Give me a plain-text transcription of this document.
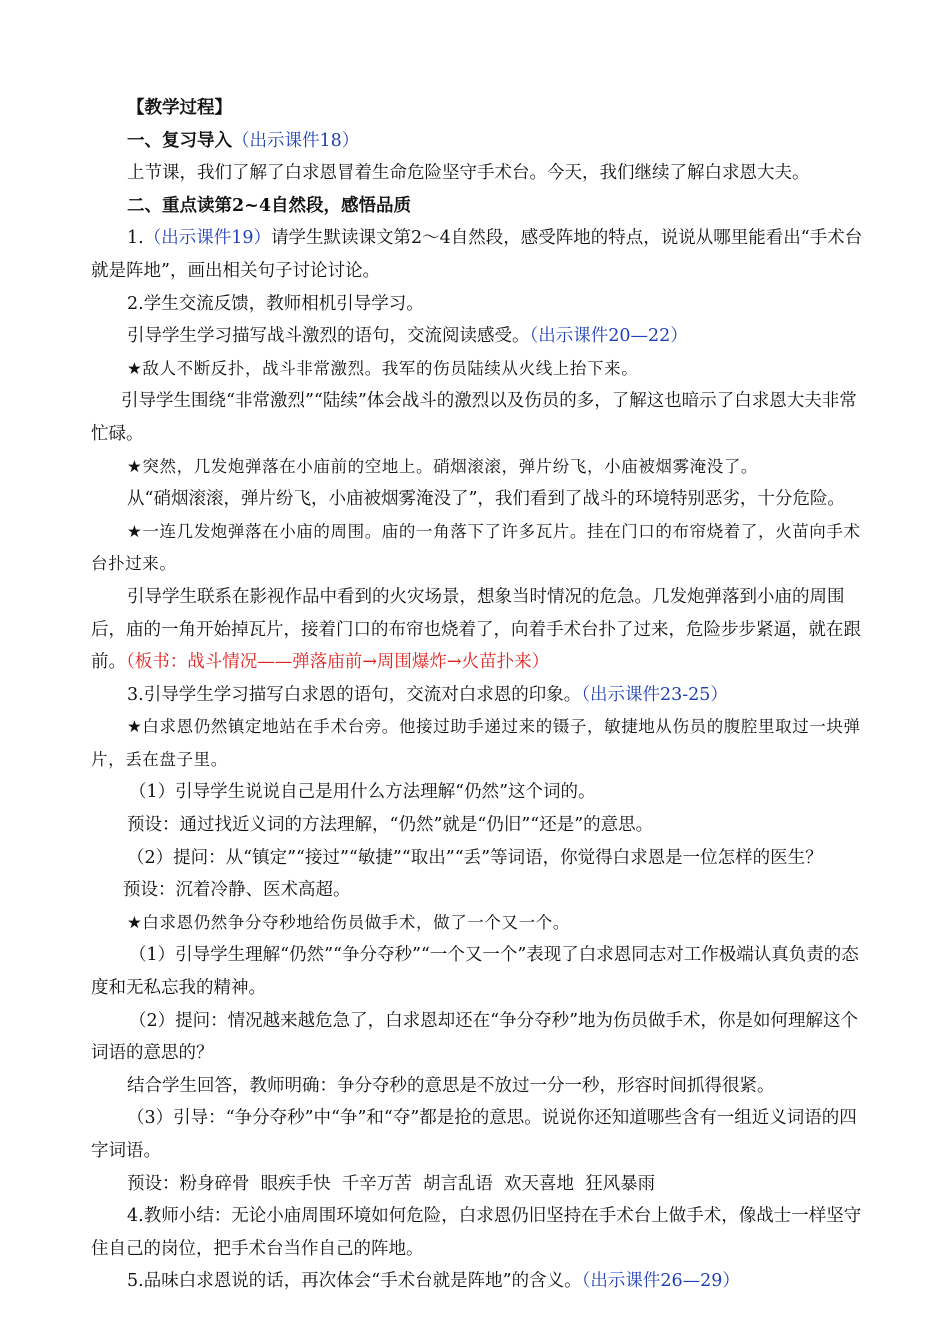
【教学过程】

一、复习导入（出示课件18）

上节课，我们了解了白求恩冒着生命危险坚守手术台。今天，我们继续了解白求恩大夫。

二、重点读第2~4自然段，感悟品质

1.（出示课件19）请学生默读课文第2～4自然段，感受阵地的特点，说说从哪里能看出“手术台就是阵地”，画出相关句子讨论讨论。

2.学生交流反馈，教师相机引导学习。

引导学生学习描写战斗激烈的语句，交流阅读感受。（出示课件20—22）

★敌人不断反扑，战斗非常激烈。我军的伤员陆续从火线上抬下来。

引导学生围绕“非常激烈”“陆续”体会战斗的激烈以及伤员的多，了解这也暗示了白求恩大夫非常忙碌。

★突然，几发炮弹落在小庙前的空地上。硝烟滚滚，弹片纷飞，小庙被烟雾淹没了。

从“硝烟滚滚，弹片纷飞，小庙被烟雾淹没了”，我们看到了战斗的环境特别恶劣，十分危险。

★一连几发炮弹落在小庙的周围。庙的一角落下了许多瓦片。挂在门口的布帘烧着了，火苗向手术台扑过来。

引导学生联系在影视作品中看到的火灾场景，想象当时情况的危急。几发炮弹落到小庙的周围后，庙的一角开始掉瓦片，接着门口的布帘也烧着了，向着手术台扑了过来，危险步步紧逼，就在跟前。（板书：战斗情况——弹落庙前→周围爆炸→火苗扑来）

3.引导学生学习描写白求恩的语句，交流对白求恩的印象。（出示课件23-25）

★白求恩仍然镇定地站在手术台旁。他接过助手递过来的镊子，敏捷地从伤员的腹腔里取过一块弹片，丢在盘子里。

（1）引导学生说说自己是用什么方法理解“仍然”这个词的。

预设：通过找近义词的方法理解，“仍然”就是“仍旧”“还是”的意思。

（2）提问：从“镇定”“接过”“敏捷”“取出”“丢”等词语，你觉得白求恩是一位怎样的医生？

预设：沉着冷静、医术高超。

★白求恩仍然争分夺秒地给伤员做手术，做了一个又一个。

（1）引导学生理解“仍然”“争分夺秒”“一个又一个”表现了白求恩同志对工作极端认真负责的态度和无私忘我的精神。

（2）提问：情况越来越危急了，白求恩却还在“争分夺秒”地为伤员做手术，你是如何理解这个词语的意思的？

结合学生回答，教师明确：争分夺秒的意思是不放过一分一秒，形容时间抓得很紧。

（3）引导：“争分夺秒”中“争”和“夺”都是抢的意思。说说你还知道哪些含有一组近义词语的四字词语。

预设：粉身碎骨  眼疾手快  千辛万苦  胡言乱语  欢天喜地  狂风暴雨

4.教师小结：无论小庙周围环境如何危险，白求恩仍旧坚持在手术台上做手术，像战士一样坚守住自己的岗位，把手术台当作自己的阵地。

5.品味白求恩说的话，再次体会“手术台就是阵地”的含义。（出示课件26—29）
